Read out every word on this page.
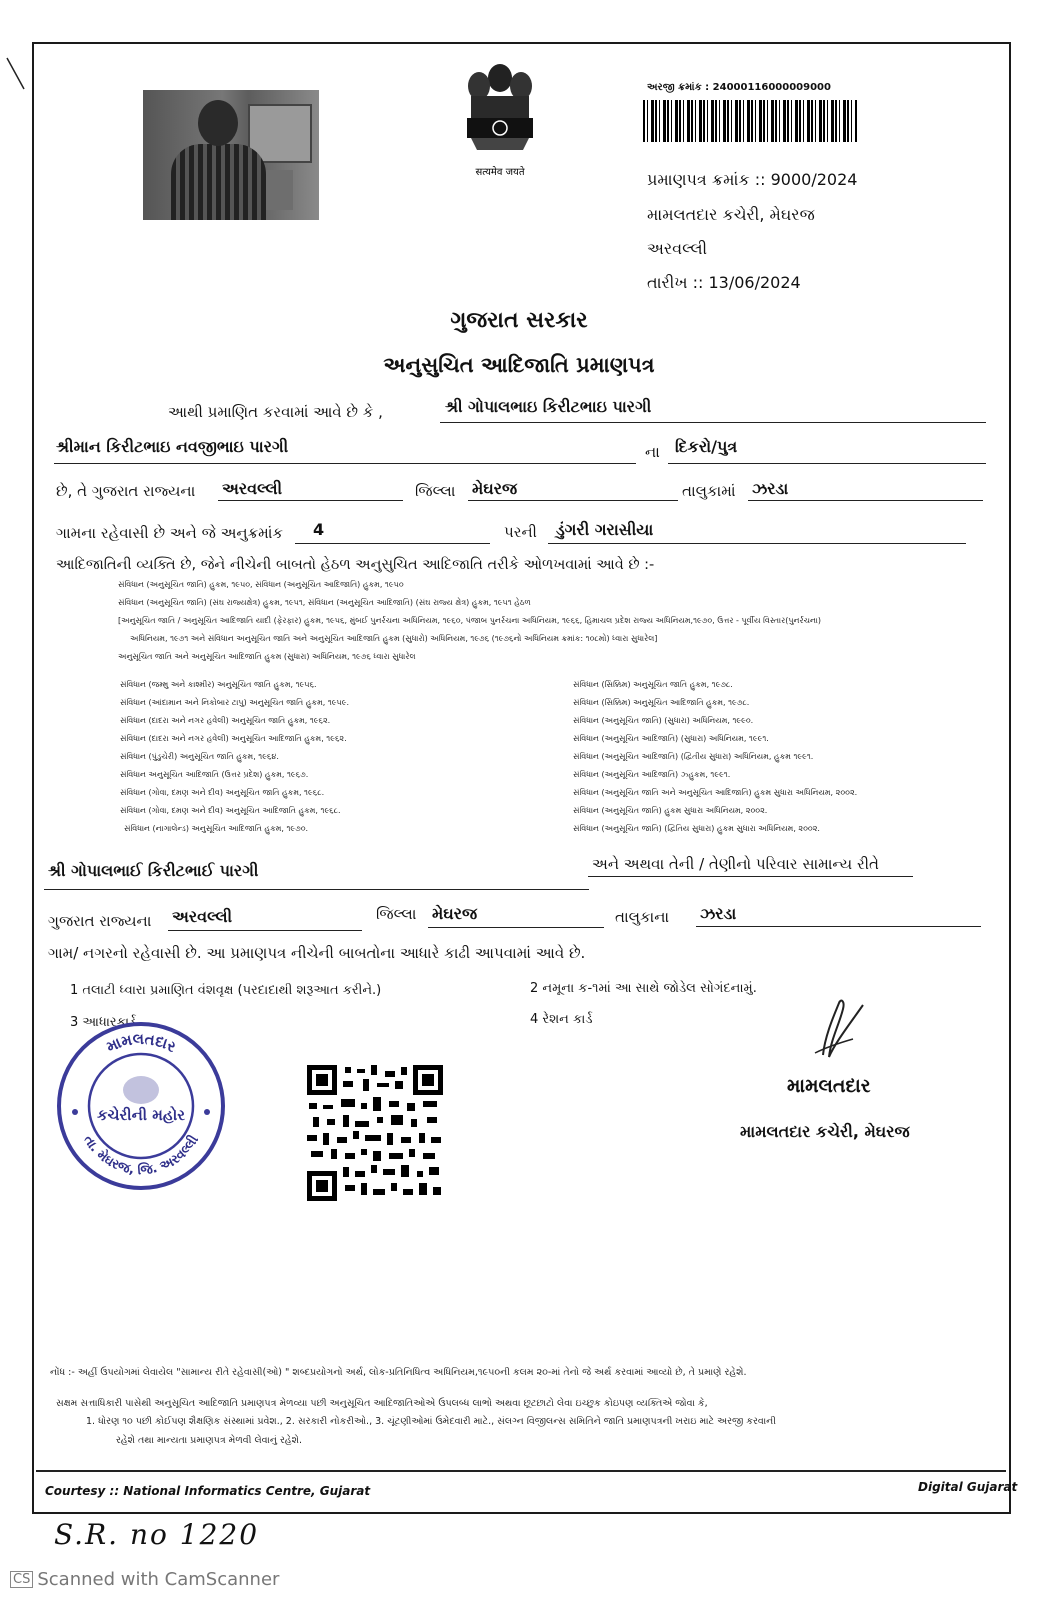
सत्यमेव जयते
અરજી ક્રમાંક : 24000116000009000
પ્રમાણપત્ર ક્રમાંક :: 9000/2024
મામલતદાર કચેરી, મેઘરજ
અરવલ્લી
તારીખ :: 13/06/2024
ગુજરાત સરકાર
અનુસુચિત આદિજાતિ પ્રમાણપત્ર
આથી પ્રમાણિત કરવામાં આવે છે કે ,	શ્રી ગોપાલભાઇ કિરીટભાઇ પારગી
શ્રીમાન કિરીટભાઇ નવજીભાઇ પારગી	ના દિકરો/પુત્ર
છે, તે ગુજરાત રાજ્યના અરવલ્લી	જિલ્લા મેઘરજ	તાલુકામાં ઝરડા
ગામના રહેવાસી છે અને જે અનુક્રમાંક 4	પરની ડુંગરી ગરાસીયા
આદિજાતિની વ્યક્તિ છે, જેને નીચેની બાબતો હેઠળ અનુસુચિત આદિજાતિ તરીકે ઓળખવામાં આવે છે :-
સંવિધાન (અનુસૂચિત જાતિ) હુકમ, ૧૯૫૦, સંવિધાન (અનુસૂચિત આદિજાતિ) હુકમ, ૧૯૫૦
સંવિધાન (અનુસૂચિત જાતિ) (સંઘ રાજ્યક્ષેત્ર) હુકમ, ૧૯૫૧, સંવિધાન (અનુસૂચિત આદિજાતિ) (સંઘ રાજ્ય ક્ષેત્ર) હુકમ, ૧૯૫૧ હેઠળ
[અનુસૂચિત જાતિ / અનુસૂચિત આદિજાતિ યાદી (ફેરફાર) હુકમ, ૧૯૫૬, મુંબઈ પુનર્રચના અધિનિયમ, ૧૯૬૦, પંજાબ પુનર્રચના અધિનિયમ, ૧૯૬૬, હિમાચલ પ્રદેશ રાજ્ય અધિનિયમ,૧૯૭૦, ઉત્તર - પૂર્વીય વિસ્તાર(પુનર્રચના)
અધિનિયમ, ૧૯૭૧ અને સંવિધાન અનુસૂચિત જાતિ અને અનુસૂચિત આદિજાતિ હુકમ (સુધારો) અધિનિયમ, ૧૯૭૬ (૧૯૭૬નો અધિનિયમ ક્રમાંક: ૧૦૮મો) ધ્વારા સુધારેલ]
અનુસૂચિત જાતિ અને અનુસૂચિત આદિજાતિ હુકમ (સુધારા) અધિનિયમ, ૧૯૭૬ ધ્વારા સુધારેલ
સંવિધાન (જમ્મુ અને કાશ્મીર) અનુસૂચિત જાતિ હુકમ, ૧૯૫૬.
સંવિધાન (આંદામાન અને નિકોબાર ટાપુ) અનુસૂચિત જાતિ હુકમ, ૧૯૫૯.
સંવિધાન (દાદરા અને નગર હવેલી) અનુસૂચિત જાતિ હુકમ, ૧૯૬૨.
સંવિધાન (દાદરા અને નગર હવેલી) અનુસૂચિત આદિજાતિ હુકમ, ૧૯૬૨.
સંવિધાન (પુંડુચેરી) અનુસૂચિત જાતિ હુકમ, ૧૯૬૪.
સંવિધાન અનુસૂચિત આદિજાતિ (ઉત્તર પ્રદેશ) હુકમ, ૧૯૬૭.
સંવિધાન (ગોવા, દમણ અને દીવ) અનુસૂચિત જાતિ હુકમ, ૧૯૬૮.
સંવિધાન (ગોવા, દમણ અને દીવ) અનુસૂચિત આદિજાતિ હુકમ, ૧૯૬૮.
સંવિધાન (નાગાલેન્ડ) અનુસૂચિત આદિજાતિ હુકમ, ૧૯૭૦.
સંવિધાન (સિક્કિમ) અનુસૂચિત જાતિ હુકમ, ૧૯૭૮.
સંવિધાન (સિક્કિમ) અનુસૂચિત આદિજાતિ હુકમ, ૧૯૭૮.
સંવિધાન (અનુસૂચિત જાતિ) (સુધારા) અધિનિયમ, ૧૯૯૦.
સંવિધાન (અનુસૂચિત આદિજાતિ) (સુધારા) અધિનિયમ, ૧૯૯૧.
સંવિધાન (અનુસૂચિત આદિજાતિ) (દ્વિતીય સુધારા) અધિનિયમ, હુકમ ૧૯૯૧.
સંવિધાન (અનુસૂચિત આદિજાતિ) ઝ્હુકમ, ૧૯૯૧.
સંવિધાન (અનુસૂચિત જાતિ અને અનુસૂચિત આદિજાતિ) હુકમ સુધારા અધિનિયમ, ૨૦૦૨.
સંવિધાન (અનુસૂચિત જાતિ) હુકમ સુધારા અધિનિયમ, ૨૦૦૨.
સંવિધાન (અનુસૂચિત જાતિ) (દ્વિતિય સુધારા) હુકમ સુધારા અધિનિયમ, ૨૦૦૨.
શ્રી ગોપાલભાઈ કિરીટભાઈ પારગી	અને અથવા તેની / તેણીનો પરિવાર સામાન્ય રીતે
ગુજરાત રાજ્યના અરવલ્લી	જિલ્લા મેઘરજ	તાલુકાના ઝરડા
ગામ/ નગરનો રહેવાસી છે. આ પ્રમાણપત્ર નીચેની બાબતોના આધારે કાઢી આપવામાં આવે છે.
1 તલાટી ધ્વારા પ્રમાણિત વંશવૃક્ષ (પરદાદાથી શરૂઆત કરીને.)	2 નમૂના ક-૧માં આ સાથે જોડેલ સોગંદનામું.
3 આધારકાર્ડ	4 રેશન કાર્ડ
મામલતદાર
તા. મેઘરજ, જિ. અરવલ્લી
કચેરીની મહોર
મામલતદાર
મામલતદાર કચેરી, મેઘરજ
નોંધ :- અહીં ઉપયોગમાં લેવાયેલ "સામાન્ય રીતે રહેવાસી(ઓ) " શબ્દપ્રયોગનો અર્થ, લોક-પ્રતિનિધિત્વ અધિનિયમ,૧૯૫૦ની કલમ ૨૦-માં તેનો જે અર્થ કરવામાં આવ્યો છે, તે પ્રમાણે રહેશે.
સક્ષમ સત્તાધિકારી પાસેથી અનુસૂચિત આદિજાતિ પ્રમાણપત્ર મેળવ્યા પછી અનુસૂચિત આદિજાતિઓએ ઉપલબ્ધ લાભો અથવા છૂટછાટો લેવા ઇચ્છુક કોઇપણ વ્યક્તિએ જોવા કે,
1. ધોરણ ૧૦ પછી કોઈપણ શૈક્ષણિક સંસ્થામાં પ્રવેશ., 2. સરકારી નોકરીઓ., 3. ચૂંટણીઓમાં ઉમેદવારી માટે., સંલગ્ન વિજીલન્સ સમિતિને જાતિ પ્રમાણપત્રની ખરાઇ માટે અરજી કરવાની
રહેશે તથા માન્યતા પ્રમાણપત્ર મેળવી લેવાનું રહેશે.
Courtesy :: National Informatics Centre, Gujarat	Digital Gujarat
S.R. no 1220
CS Scanned with CamScanner
